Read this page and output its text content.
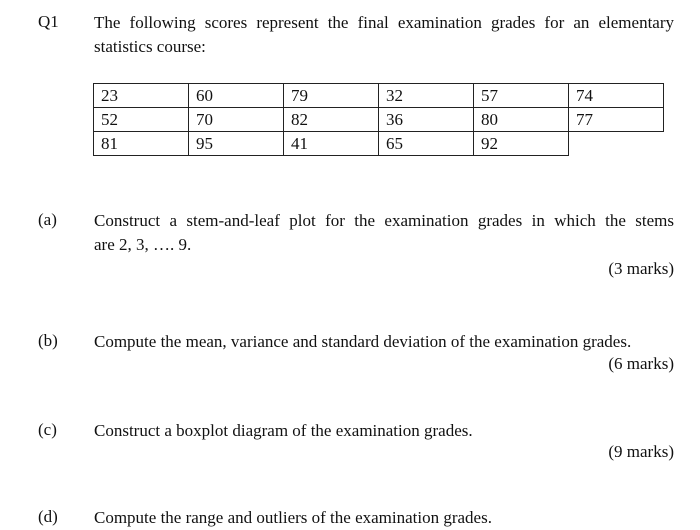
Q1 The following scores represent the final examination grades for an elementary
statistics course:
23	60	79	32	57	74
52	70	82	36	80	77
81	95	41	65	92	
(a) Construct a stem-and-leaf plot for the examination grades in which the stems
are 2, 3, …. 9.
(3 marks)
(b) Compute the mean, variance and standard deviation of the examination grades.
(6 marks)
(c) Construct a boxplot diagram of the examination grades.
(9 marks)
(d) Compute the range and outliers of the examination grades.
